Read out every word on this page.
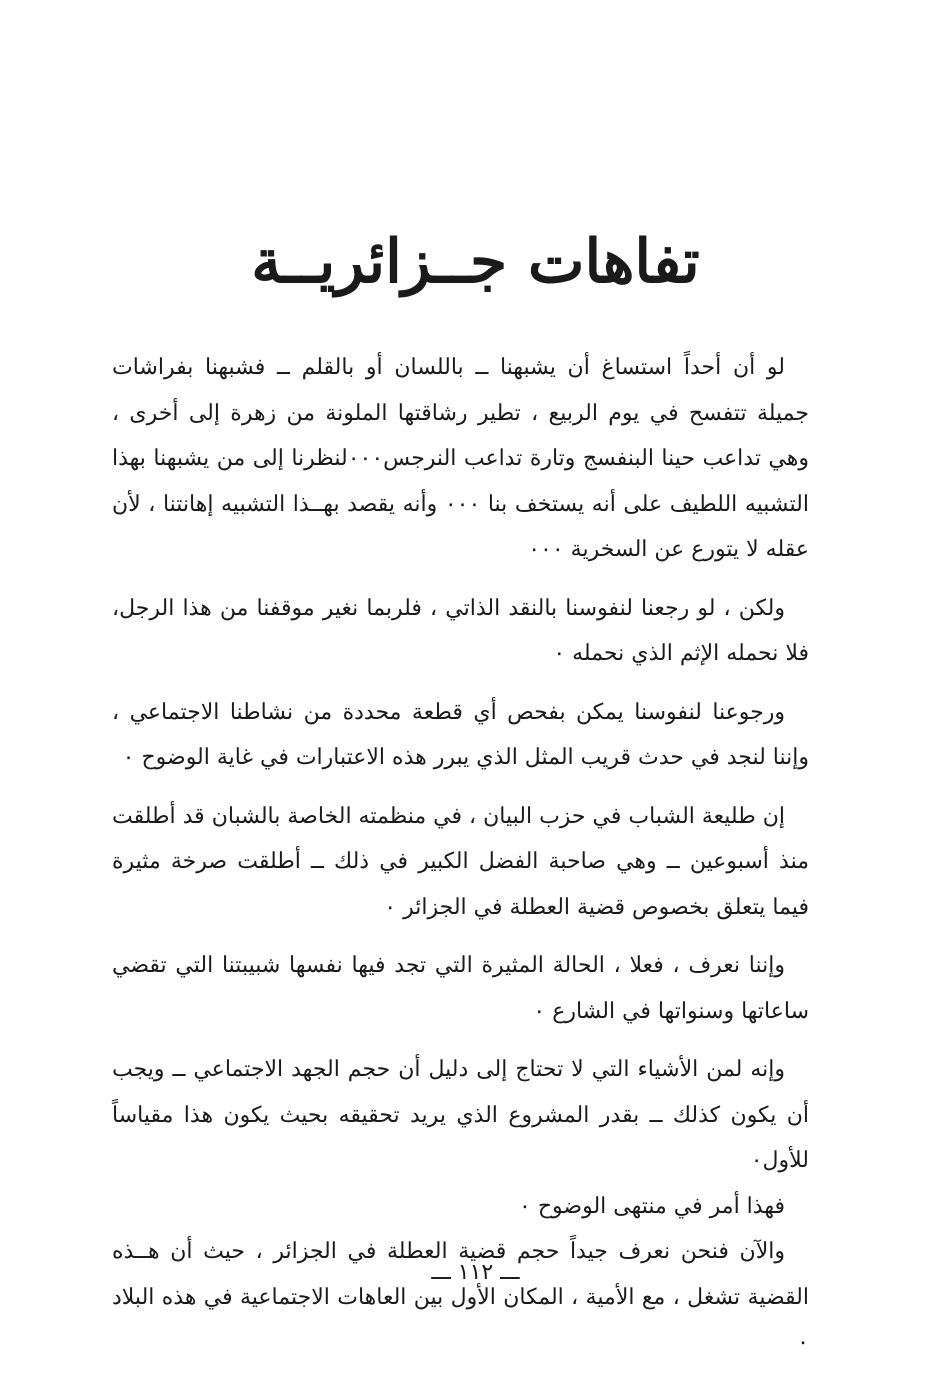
تفاهات جــزائريــة

لو أن أحداً استساغ أن يشبهنا ــ باللسان أو بالقلم ــ فشبهنا بفراشات جميلة تتفسح في يوم الربيع ، تطير رشاقتها الملونة من زهرة إلى أخرى ، وهي تداعب حينا البنفسج وتارة تداعب النرجس٠٠٠لنظرنا إلى من يشبهنا بهذا التشبيه اللطيف على أنه يستخف بنا ٠٠٠ وأنه يقصد بهــذا التشبيه إهانتنا ، لأن عقله لا يتورع عن السخرية ٠٠٠

ولكن ، لو رجعنا لنفوسنا بالنقد الذاتي ، فلربما نغير موقفنا من هذا الرجل، فلا نحمله الإثم الذي نحمله ٠

ورجوعنا لنفوسنا يمكن بفحص أي قطعة محددة من نشاطنا الاجتماعي ، وإننا لنجد في حدث قريب المثل الذي يبرر هذه الاعتبارات في غاية الوضوح ٠

إن طليعة الشباب في حزب البيان ، في منظمته الخاصة بالشبان قد أطلقت منذ أسبوعين ــ وهي صاحبة الفضل الكبير في ذلك ــ أطلقت صرخة مثيرة فيما يتعلق بخصوص قضية العطلة في الجزائر ٠

وإننا نعرف ، فعلا ، الحالة المثيرة التي تجد فيها نفسها شبيبتنا التي تقضي ساعاتها وسنواتها في الشارع ٠

وإنه لمن الأشياء التي لا تحتاج إلى دليل أن حجم الجهد الاجتماعي ــ ويجب أن يكون كذلك ــ بقدر المشروع الذي يريد تحقيقه بحيث يكون هذا مقياساً للأول٠

فهذا أمر في منتهى الوضوح ٠

والآن فنحن نعرف جيداً حجم قضية العطلة في الجزائر ، حيث أن هــذه القضية تشغل ، مع الأمية ، المكان الأول بين العاهات الاجتماعية في هذه البلاد ٠

ـــ ١١٢ ـــ
